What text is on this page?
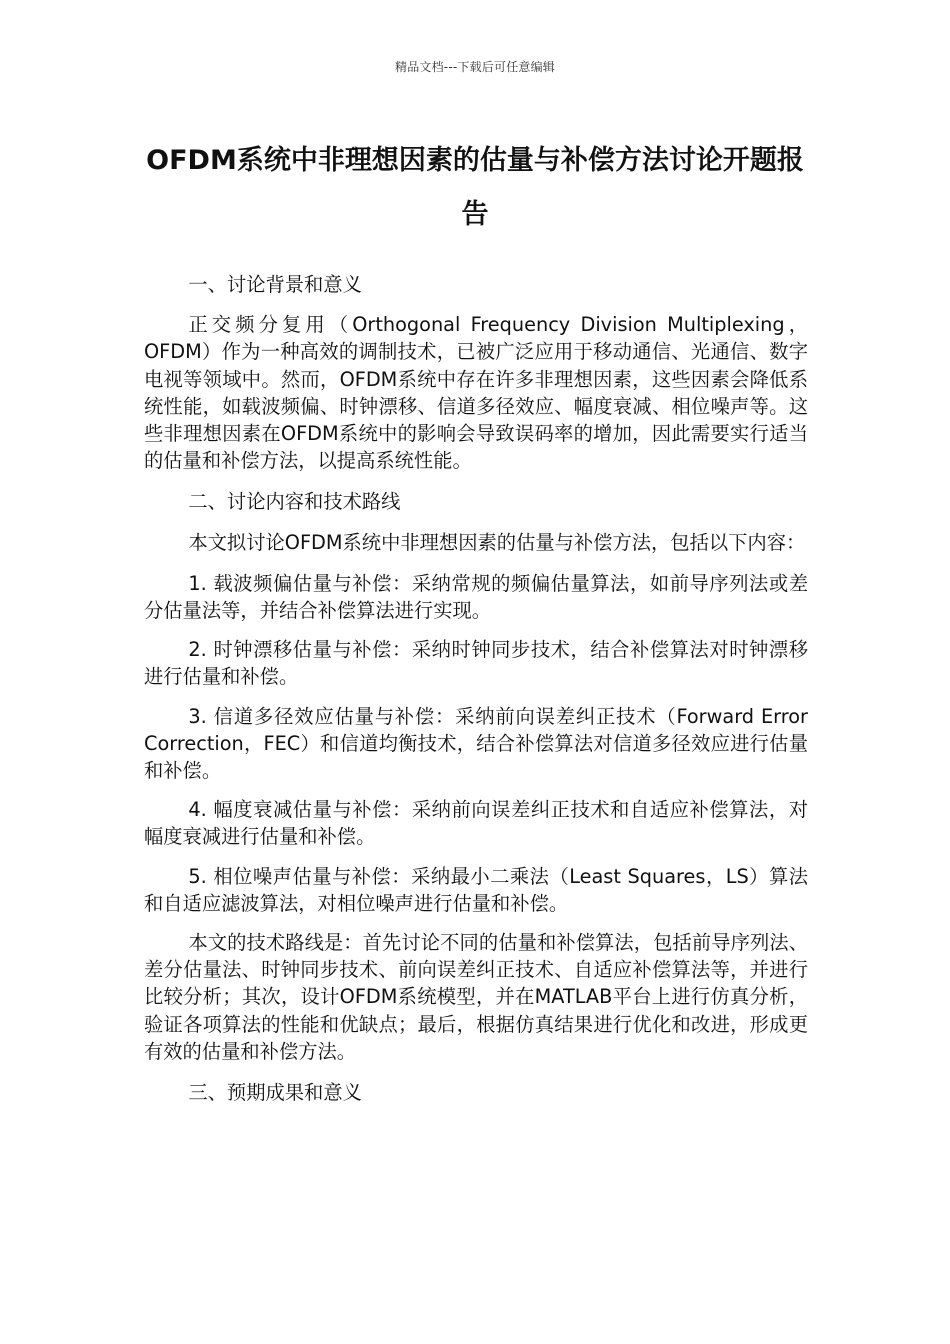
精品文档---下载后可任意编辑
OFDM系统中非理想因素的估量与补偿方法讨论开题报告

一、讨论背景和意义

正交频分复用（Orthogonal Frequency Division Multiplexing，OFDM）作为一种高效的调制技术，已被广泛应用于移动通信、光通信、数字电视等领域中。然而，OFDM系统中存在许多非理想因素，这些因素会降低系统性能，如载波频偏、时钟漂移、信道多径效应、幅度衰减、相位噪声等。这些非理想因素在OFDM系统中的影响会导致误码率的增加，因此需要实行适当的估量和补偿方法，以提高系统性能。

二、讨论内容和技术路线

本文拟讨论OFDM系统中非理想因素的估量与补偿方法，包括以下内容：

1. 载波频偏估量与补偿：采纳常规的频偏估量算法，如前导序列法或差分估量法等，并结合补偿算法进行实现。

2. 时钟漂移估量与补偿：采纳时钟同步技术，结合补偿算法对时钟漂移进行估量和补偿。

3. 信道多径效应估量与补偿：采纳前向误差纠正技术（Forward Error Correction，FEC）和信道均衡技术，结合补偿算法对信道多径效应进行估量和补偿。

4. 幅度衰减估量与补偿：采纳前向误差纠正技术和自适应补偿算法，对幅度衰减进行估量和补偿。

5. 相位噪声估量与补偿：采纳最小二乘法（Least Squares，LS）算法和自适应滤波算法，对相位噪声进行估量和补偿。

本文的技术路线是：首先讨论不同的估量和补偿算法，包括前导序列法、差分估量法、时钟同步技术、前向误差纠正技术、自适应补偿算法等，并进行比较分析；其次，设计OFDM系统模型，并在MATLAB平台上进行仿真分析，验证各项算法的性能和优缺点；最后，根据仿真结果进行优化和改进，形成更有效的估量和补偿方法。

三、预期成果和意义
